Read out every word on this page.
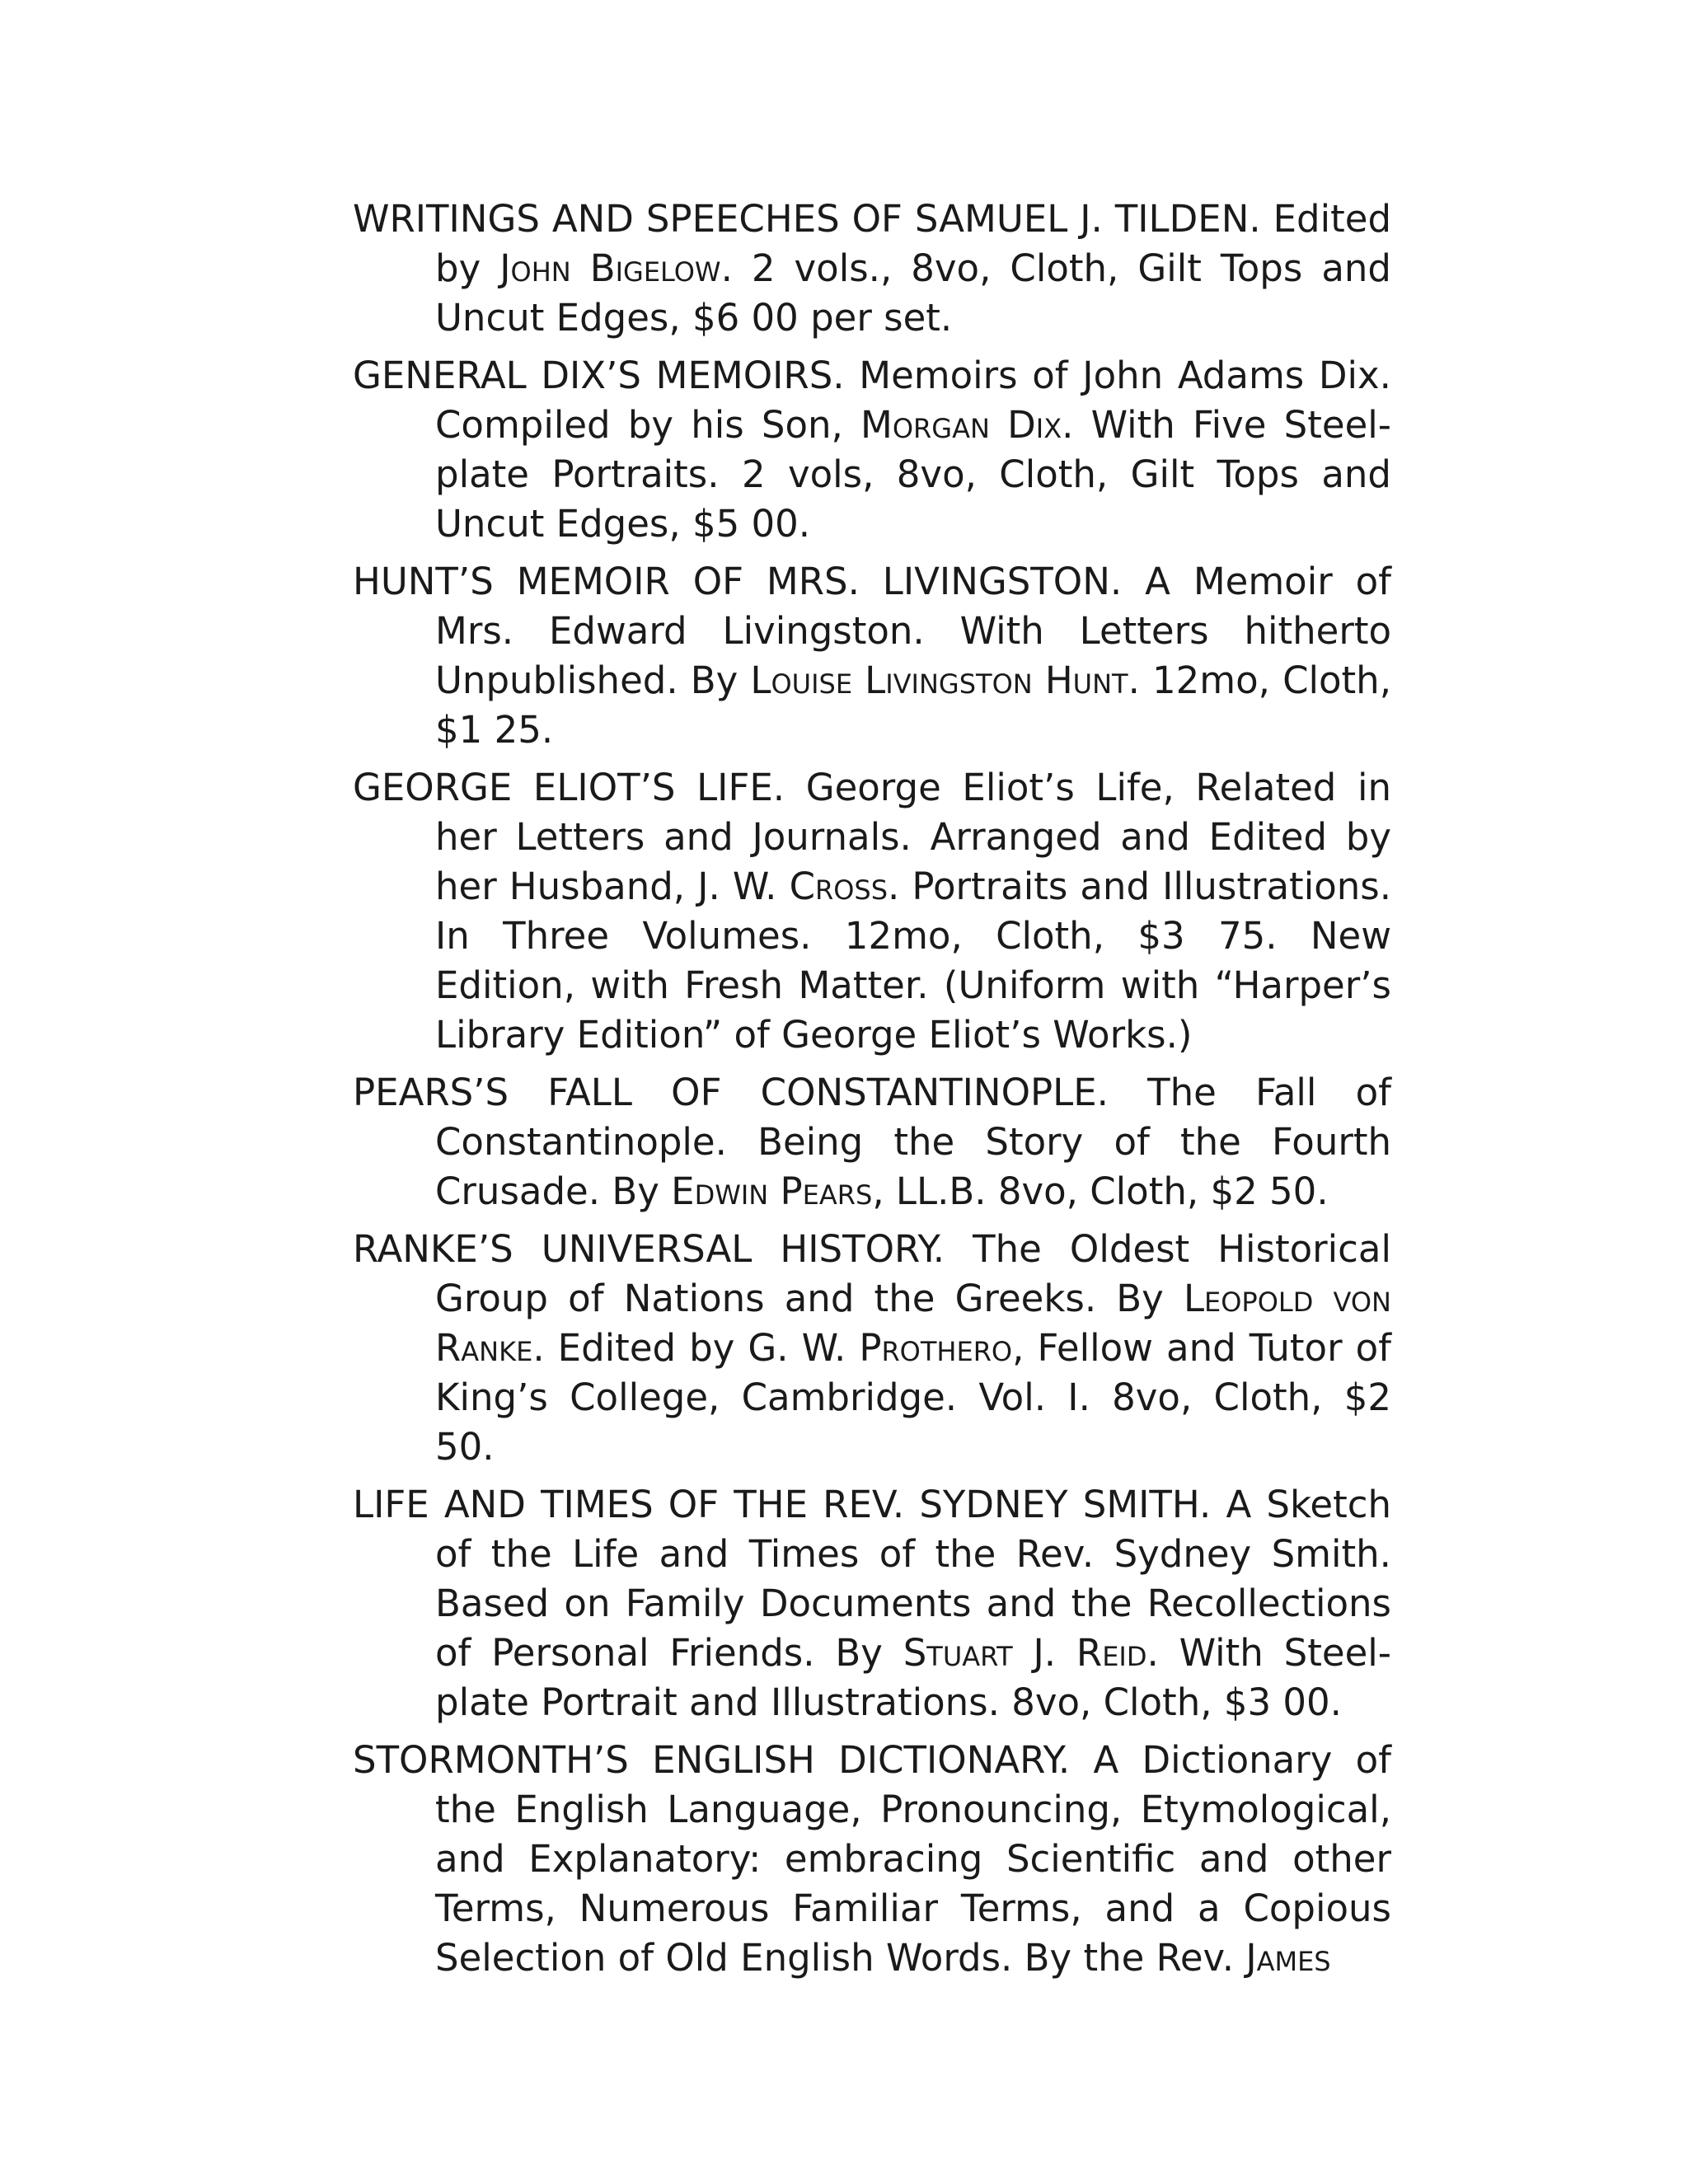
WRITINGS AND SPEECHES OF SAMUEL J. TILDEN. Edited by John Bigelow. 2 vols., 8vo, Cloth, Gilt Tops and Uncut Edges, $6 00 per set.

GENERAL DIX’S MEMOIRS. Memoirs of John Adams Dix. Compiled by his Son, Morgan Dix. With Five Steel-plate Portraits. 2 vols, 8vo, Cloth, Gilt Tops and Uncut Edges, $5 00.

HUNT’S MEMOIR OF MRS. LIVINGSTON. A Memoir of Mrs. Edward Livingston. With Letters hitherto Unpublished. By Louise Livingston Hunt. 12mo, Cloth, $1 25.

GEORGE ELIOT’S LIFE. George Eliot’s Life, Related in her Letters and Journals. Arranged and Edited by her Husband, J. W. Cross. Portraits and Illustrations. In Three Volumes. 12mo, Cloth, $3 75. New Edition, with Fresh Matter. (Uniform with “Harper’s Library Edition” of George Eliot’s Works.)

PEARS’S FALL OF CONSTANTINOPLE. The Fall of Constantinople. Being the Story of the Fourth Crusade. By Edwin Pears, LL.B. 8vo, Cloth, $2 50.

RANKE’S UNIVERSAL HISTORY. The Oldest Historical Group of Nations and the Greeks. By Leopold von Ranke. Edited by G. W. Prothero, Fellow and Tutor of King’s College, Cambridge. Vol. I. 8vo, Cloth, $2 50.

LIFE AND TIMES OF THE REV. SYDNEY SMITH. A Sketch of the Life and Times of the Rev. Sydney Smith. Based on Family Documents and the Recollections of Personal Friends. By Stuart J. Reid. With Steel-plate Portrait and Illustrations. 8vo, Cloth, $3 00.

STORMONTH’S ENGLISH DICTIONARY. A Dictionary of the English Language, Pronouncing, Etymological, and Explanatory: embracing Scientific and other Terms, Numerous Familiar Terms, and a Copious Selection of Old English Words. By the Rev. James
